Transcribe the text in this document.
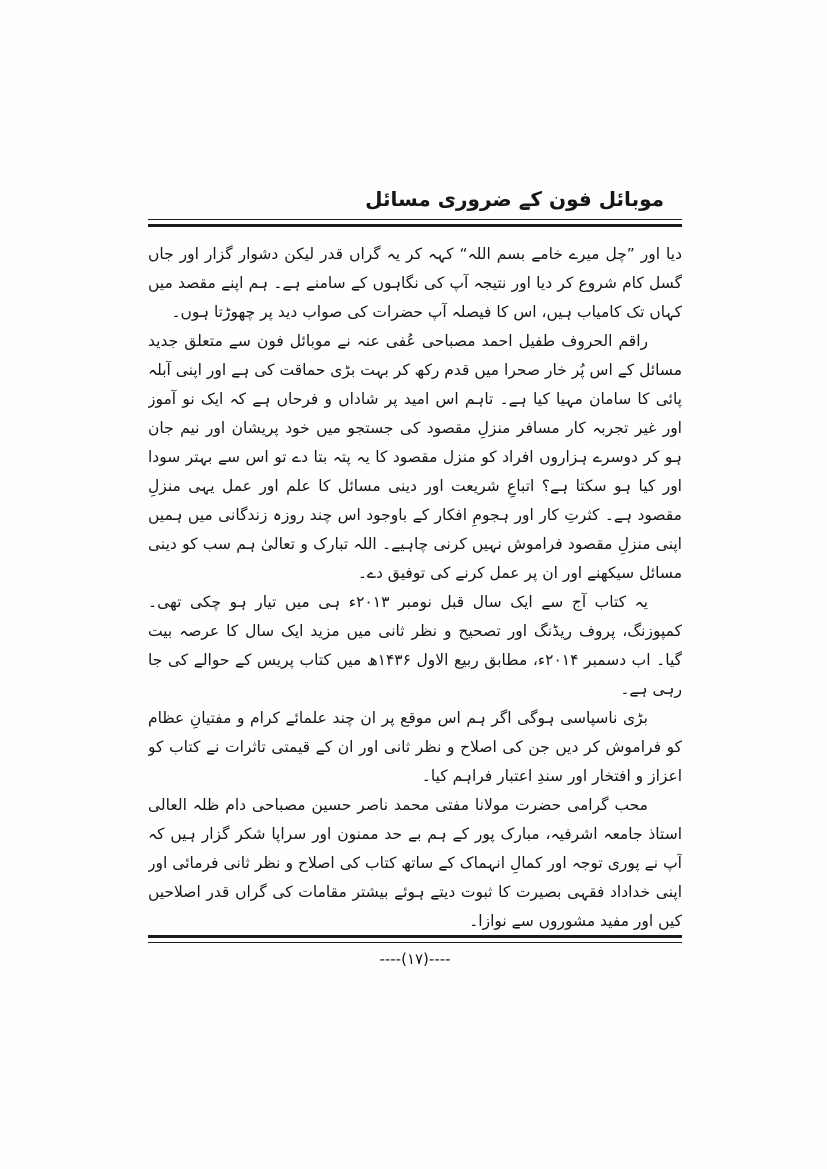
موبائل فون کے ضروری مسائل

دیا اور ”چل میرے خامے بسم اللہ“ کہہ کر یہ گراں قدر لیکن دشوار گزار اور جاں گسل کام شروع کر دیا اور نتیجہ آپ کی نگاہوں کے سامنے ہے۔ ہم اپنے مقصد میں کہاں تک کامیاب ہیں، اس کا فیصلہ آپ حضرات کی صواب دید پر چھوڑتا ہوں۔

راقم الحروف طفیل احمد مصباحی عُفی عنہ نے موبائل فون سے متعلق جدید مسائل کے اس پُر خار صحرا میں قدم رکھ کر بہت بڑی حماقت کی ہے اور اپنی آبلہ پائی کا سامان مہیا کیا ہے۔ تاہم اس امید پر شاداں و فرحاں ہے کہ ایک نو آموز اور غیر تجربہ کار مسافر منزلِ مقصود کی جستجو میں خود پریشان اور نیم جان ہو کر دوسرے ہزاروں افراد کو منزل مقصود کا یہ پتہ بتا دے تو اس سے بہتر سودا اور کیا ہو سکتا ہے؟ اتباعِ شریعت اور دینی مسائل کا علم اور عمل یہی منزلِ مقصود ہے۔ کثرتِ کار اور ہجومِ افکار کے باوجود اس چند روزہ زندگانی میں ہمیں اپنی منزلِ مقصود فراموش نہیں کرنی چاہیے۔ اللہ تبارک و تعالیٰ ہم سب کو دینی مسائل سیکھنے اور ان پر عمل کرنے کی توفیق دے۔

یہ کتاب آج سے ایک سال قبل نومبر ۲۰۱۳ء ہی میں تیار ہو چکی تھی۔ کمپوزنگ، پروف ریڈنگ اور تصحیح و نظر ثانی میں مزید ایک سال کا عرصہ بیت گیا۔ اب دسمبر ۲۰۱۴ء، مطابق ربیع الاول ۱۴۳۶ھ میں کتاب پریس کے حوالے کی جا رہی ہے۔

بڑی ناسپاسی ہوگی اگر ہم اس موقع پر ان چند علمائے کرام و مفتیانِ عظام کو فراموش کر دیں جن کی اصلاح و نظر ثانی اور ان کے قیمتی تاثرات نے کتاب کو اعزاز و افتخار اور سندِ اعتبار فراہم کیا۔

محب گرامی حضرت مولانا مفتی محمد ناصر حسین مصباحی دام ظلہ العالی استاذ جامعہ اشرفیہ، مبارک پور کے ہم بے حد ممنون اور سراپا شکر گزار ہیں کہ آپ نے پوری توجہ اور کمالِ انہماک کے ساتھ کتاب کی اصلاح و نظر ثانی فرمائی اور اپنی خداداد فقہی بصیرت کا ثبوت دیتے ہوئے بیشتر مقامات کی گراں قدر اصلاحیں کیں اور مفید مشوروں سے نوازا۔

----(۱۷)----
